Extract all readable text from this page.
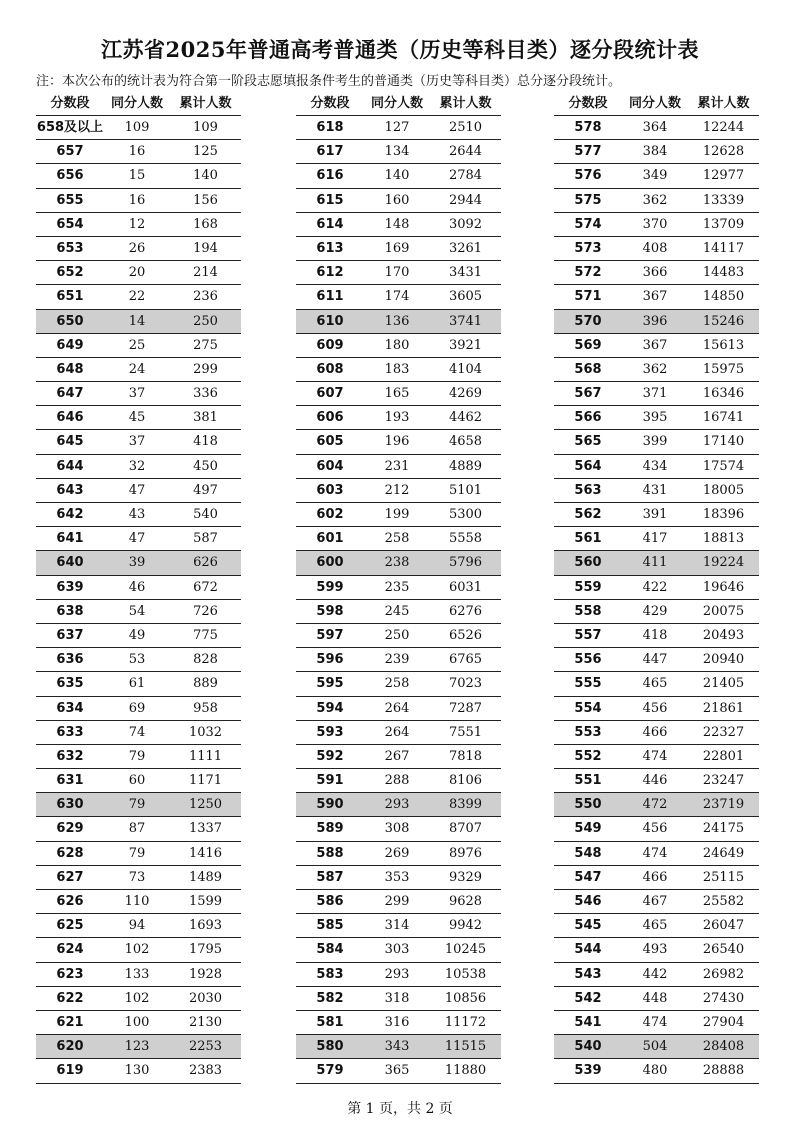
江苏省2025年普通高考普通类（历史等科目类）逐分段统计表
注：本次公布的统计表为符合第一阶段志愿填报条件考生的普通类（历史等科目类）总分逐分段统计。
分数段	同分人数	累计人数
658及以上	109	109
657	16	125
656	15	140
655	16	156
654	12	168
653	26	194
652	20	214
651	22	236
650	14	250
649	25	275
648	24	299
647	37	336
646	45	381
645	37	418
644	32	450
643	47	497
642	43	540
641	47	587
640	39	626
639	46	672
638	54	726
637	49	775
636	53	828
635	61	889
634	69	958
633	74	1032
632	79	1111
631	60	1171
630	79	1250
629	87	1337
628	79	1416
627	73	1489
626	110	1599
625	94	1693
624	102	1795
623	133	1928
622	102	2030
621	100	2130
620	123	2253
619	130	2383
分数段	同分人数	累计人数
618	127	2510
617	134	2644
616	140	2784
615	160	2944
614	148	3092
613	169	3261
612	170	3431
611	174	3605
610	136	3741
609	180	3921
608	183	4104
607	165	4269
606	193	4462
605	196	4658
604	231	4889
603	212	5101
602	199	5300
601	258	5558
600	238	5796
599	235	6031
598	245	6276
597	250	6526
596	239	6765
595	258	7023
594	264	7287
593	264	7551
592	267	7818
591	288	8106
590	293	8399
589	308	8707
588	269	8976
587	353	9329
586	299	9628
585	314	9942
584	303	10245
583	293	10538
582	318	10856
581	316	11172
580	343	11515
579	365	11880
分数段	同分人数	累计人数
578	364	12244
577	384	12628
576	349	12977
575	362	13339
574	370	13709
573	408	14117
572	366	14483
571	367	14850
570	396	15246
569	367	15613
568	362	15975
567	371	16346
566	395	16741
565	399	17140
564	434	17574
563	431	18005
562	391	18396
561	417	18813
560	411	19224
559	422	19646
558	429	20075
557	418	20493
556	447	20940
555	465	21405
554	456	21861
553	466	22327
552	474	22801
551	446	23247
550	472	23719
549	456	24175
548	474	24649
547	466	25115
546	467	25582
545	465	26047
544	493	26540
543	442	26982
542	448	27430
541	474	27904
540	504	28408
539	480	28888
第 1 页，共 2 页
